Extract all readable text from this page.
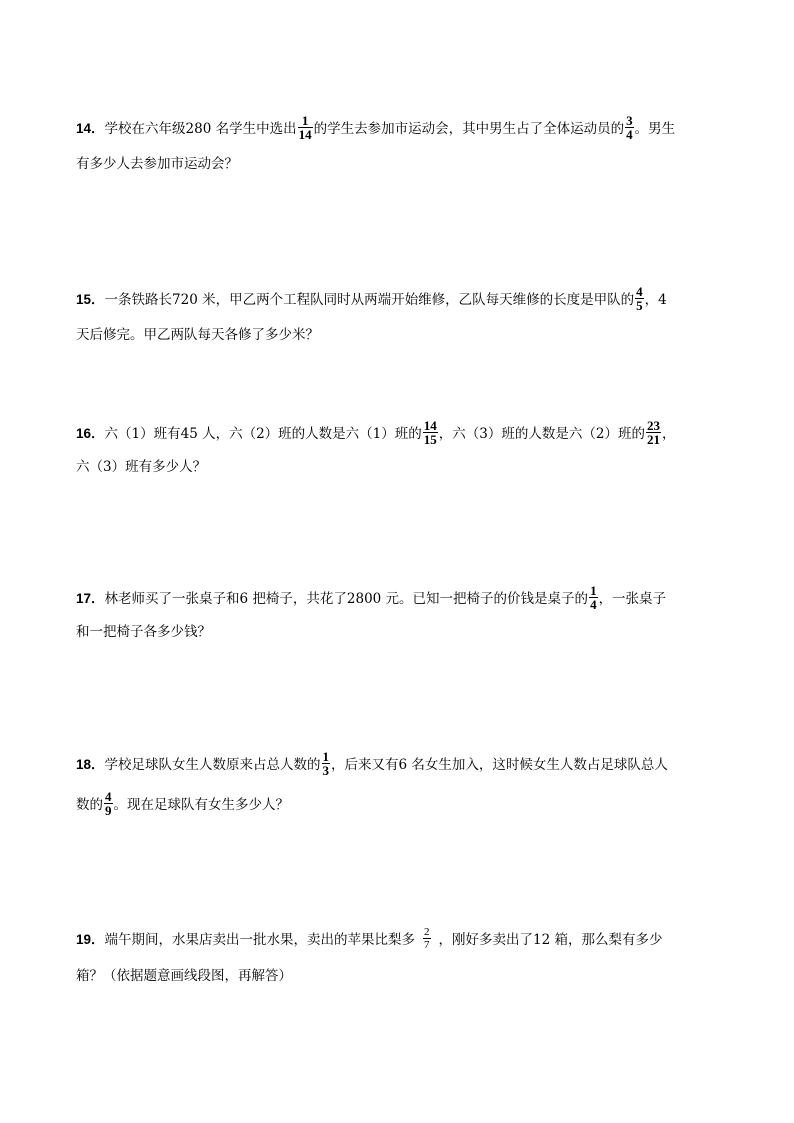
14．学校在六年级280 名学生中选出 $\frac{1}{14}$ 的学生去参加市运动会，其中男生占了全体运动员的 $\frac{3}{4}$ 。男生
有多少人去参加市运动会？
15．一条铁路长720 米，甲乙两个工程队同时从两端开始维修，乙队每天维修的长度是甲队的 $\frac{4}{5}$ ，4
天后修完。甲乙两队每天各修了多少米？
16．六（1）班有45 人，六（2）班的人数是六（1）班的 $\frac{14}{15}$ ，六（3）班的人数是六（2）班的 $\frac{23}{21}$ ，
六（3）班有多少人？
17．林老师买了一张桌子和6 把椅子，共花了2800 元。已知一把椅子的价钱是桌子的 $\frac{1}{4}$ ，一张桌子
和一把椅子各多少钱？
18．学校足球队女生人数原来占总人数的 $\frac{1}{3}$ ，后来又有6 名女生加入，这时候女生人数占足球队总人
数的 $\frac{4}{9}$ 。现在足球队有女生多少人？
19．端午期间，水果店卖出一批水果，卖出的苹果比梨多 $\frac{2}{7}$ ，刚好多卖出了12 箱，那么梨有多少
箱？（依据题意画线段图，再解答）
